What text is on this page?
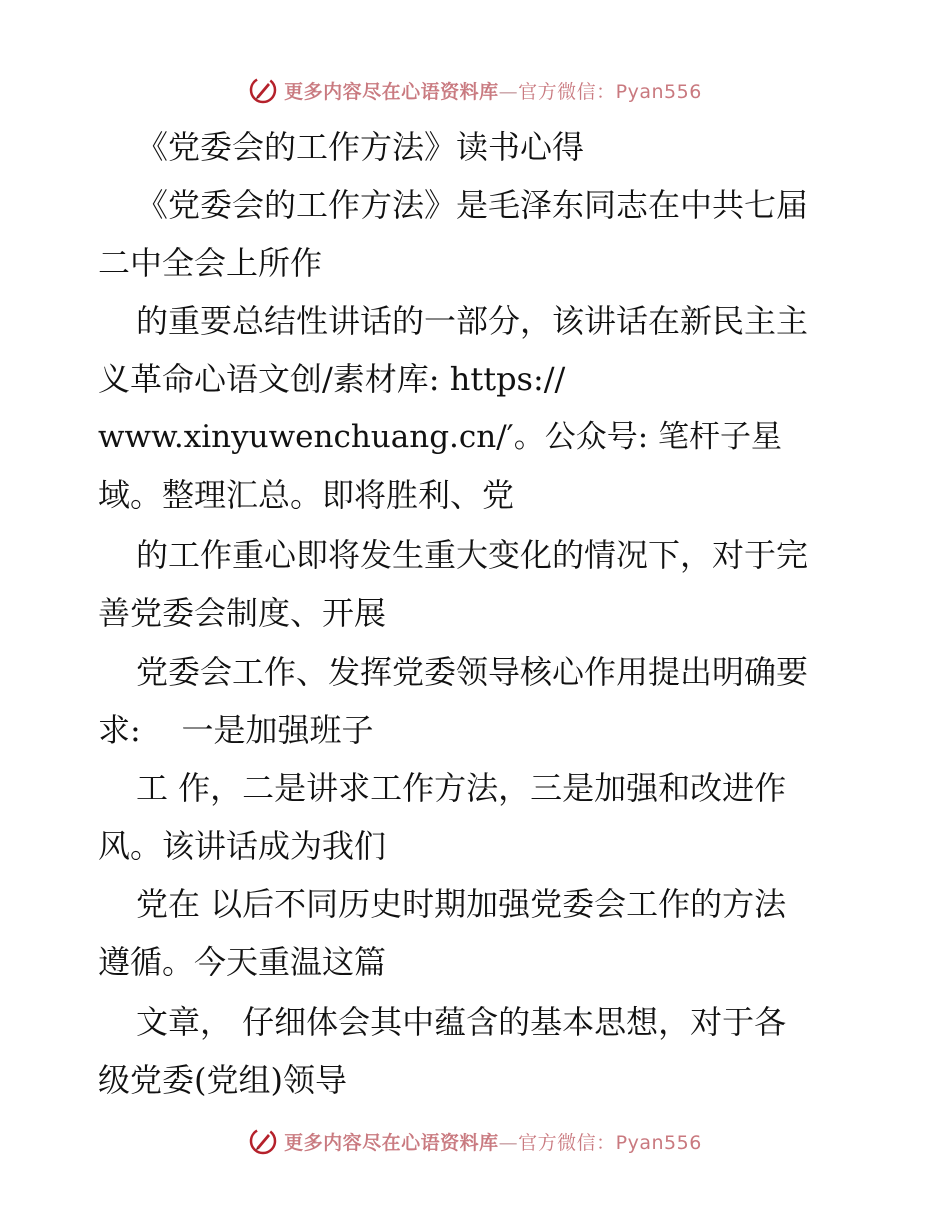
更多内容尽在心语资料库—官方微信：Pyan556
《党委会的工作方法》读书心得
《党委会的工作方法》是毛泽东同志在中共七届
二中全会上所作
的重要总结性讲话的一部分，该讲话在新民主主
义革命心语文创/素材库: https://
www.xinyuwenchuang.cn/′。公众号: 笔杆子星
域。整理汇总。即将胜利、党
的工作重心即将发生重大变化的情况下，对于完
善党委会制度、开展
党委会工作、发挥党委领导核心作用提出明确要
求:    一是加强班子
工 作，二是讲求工作方法，三是加强和改进作
风。该讲话成为我们
党在 以后不同历史时期加强党委会工作的方法
遵循。今天重温这篇
文章， 仔细体会其中蕴含的基本思想，对于各
级党委(党组)领导
更多内容尽在心语资料库—官方微信：Pyan556
